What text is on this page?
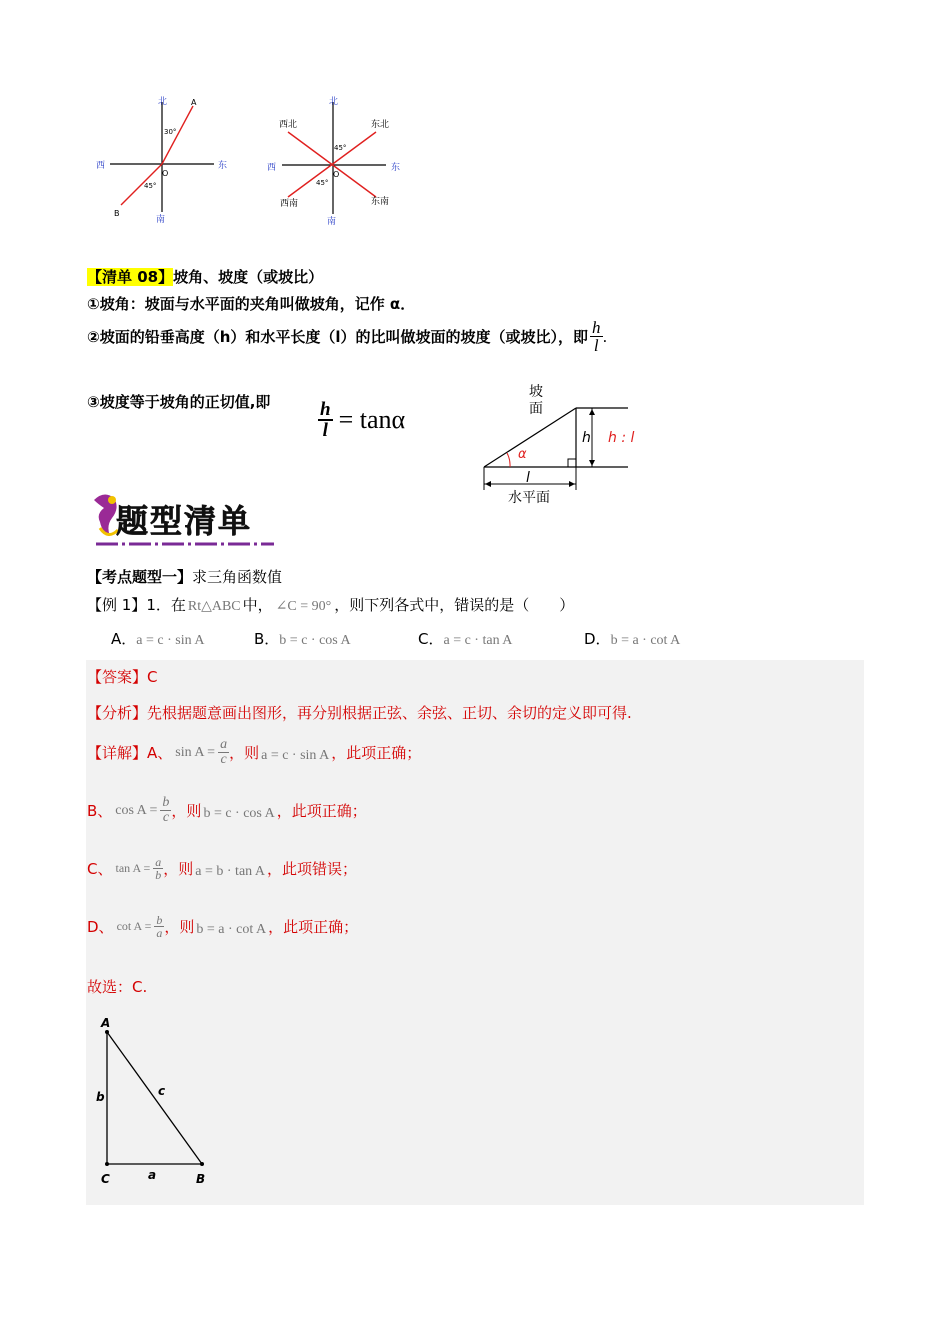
北
南
东
西
O
A
B
30°
45°
北
南
东
西
西北	东北
西南	东南
O
45°
45°
【清单 08】坡角、坡度（或坡比）
①坡角：坡面与水平面的夹角叫做坡角，记作 α．
②坡面的铅垂高度（h）和水平长度（l）的比叫做坡面的坡度（或坡比），即 $\frac{h}{l}$ .
③坡度等于坡角的正切值,即	$\frac{h}{l} = \tan\alpha$
坡
面
h h : l
α
l
水平面
题型清单
【考点题型一】求三角函数值
【例 1】1．在 Rt△ABC 中， ∠C = 90° ，则下列各式中，错误的是（　　）
A．a = c · sin A	B．b = c · cos A	C．a = c · tan A	D．b = a · cot A
【答案】C
【分析】先根据题意画出图形，再分别根据正弦、余弦、正切、余切的定义即可得.
【详解】 A、 $\sin A = \frac{a}{c}$ ，则 a = c · sin A ，此项正确；
B、 $\cos A = \frac{b}{c}$ ，则 b = c · cos A ，此项正确；
C、 $\tan A = \frac{a}{b}$ ，则 a = b · tan A ，此项错误；
D、 $\cot A = \frac{b}{a}$ ，则 b = a · cot A ，此项正确；
故选：C.
A
C	B
a
b	c
